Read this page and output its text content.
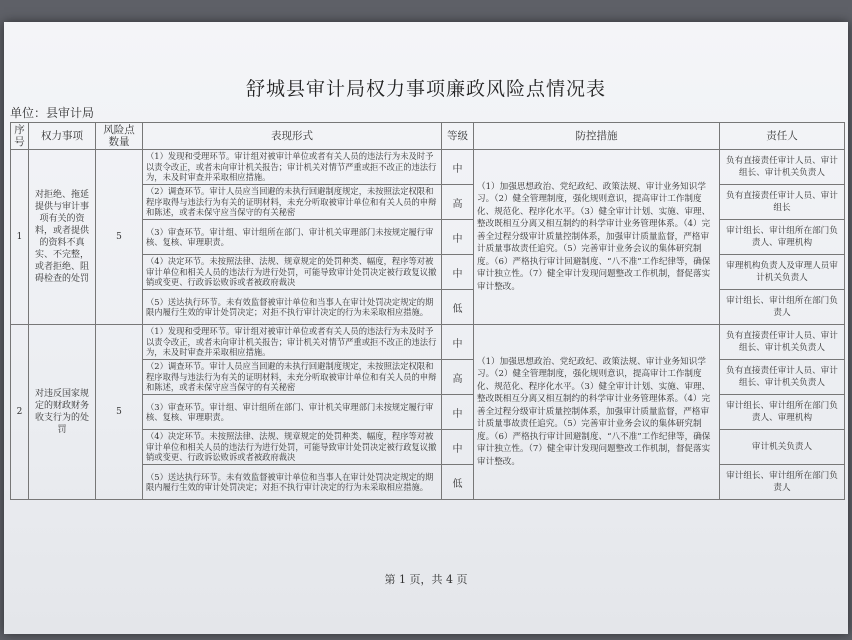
舒城县审计局权力事项廉政风险点情况表
单位：县审计局
序号	权力事项	风险点数量	表现形式	等级	防控措施	责任人
1	对拒绝、拖延提供与审计事项有关的资料，或者提供的资料不真实、不完整，或者拒绝、阻碍检查的处罚	5	（1）发现和受理环节。审计组对被审计单位或者有关人员的违法行为未及时予以责令改正，或者未向审计机关报告；审计机关对情节严重或拒不改正的违法行为，未及时审查并采取相应措施。	中	（1）加强思想政治、党纪政纪、政策法规、审计业务知识学习。（2）健全管理制度，强化规则意识，提高审计工作制度化、规范化、程序化水平。（3）健全审计计划、实施、审理、整改既相互分离又相互制约的科学审计业务管理体系。（4）完善全过程分级审计质量控制体系，加强审计质量监督，严格审计质量事故责任追究。（5）完善审计业务会议的集体研究制度。（6）严格执行审计回避制度、“八不准”工作纪律等，确保审计独立性。（7）健全审计发现问题整改工作机制，督促落实审计整改。	负有直接责任审计人员、审计组长、审计机关负责人
			（2）调查环节。审计人员应当回避的未执行回避制度规定，未按照法定权限和程序取得与违法行为有关的证明材料，未充分听取被审计单位和有关人员的申辩和陈述，或者未保守应当保守的有关秘密	高		负有直接责任审计人员、审计组长
			（3）审查环节。审计组、审计组所在部门、审计机关审理部门未按规定履行审核、复核、审理职责。	中		审计组长、审计组所在部门负责人、审理机构
			（4）决定环节。未按照法律、法规、规章规定的处罚种类、幅度，程序等对被审计单位和相关人员的违法行为进行处罚，可能导致审计处罚决定被行政复议撤销或变更、行政诉讼败诉或者被政府裁决	中		审理机构负责人及审理人员审计机关负责人
			（5）送达执行环节。未有效监督被审计单位和当事人在审计处罚决定规定的期限内履行生效的审计处罚决定；对拒不执行审计决定的行为未采取相应措施。	低		审计组长、审计组所在部门负责人
2	对违反国家规定的财政财务收支行为的处罚	5	（1）发现和受理环节。审计组对被审计单位或者有关人员的违法行为未及时予以责令改正，或者未向审计机关报告；审计机关对情节严重或拒不改正的违法行为，未及时审查并采取相应措施。	中	（1）加强思想政治、党纪政纪、政策法规、审计业务知识学习。（2）健全管理制度，强化规则意识，提高审计工作制度化、规范化、程序化水平。（3）健全审计计划、实施、审理、整改既相互分离又相互制约的科学审计业务管理体系。（4）完善全过程分级审计质量控制体系，加强审计质量监督，严格审计质量事故责任追究。（5）完善审计业务会议的集体研究制度。（6）严格执行审计回避制度、“八不准”工作纪律等，确保审计独立性。（7）健全审计发现问题整改工作机制，督促落实审计整改。	负有直接责任审计人员、审计组长、审计机关负责人
			（2）调查环节。审计人员应当回避的未执行回避制度规定，未按照法定权限和程序取得与违法行为有关的证明材料，未充分听取被审计单位和有关人员的申辩和陈述，或者未保守应当保守的有关秘密	高		负有直接责任审计人员、审计组长、审计机关负责人
			（3）审查环节。审计组、审计组所在部门、审计机关审理部门未按规定履行审核、复核、审理职责。	中		审计组长、审计组所在部门负责人、审理机构
			（4）决定环节。未按照法律、法规、规章规定的处罚种类、幅度，程序等对被审计单位和相关人员的违法行为进行处罚，可能导致审计处罚决定被行政复议撤销或变更、行政诉讼败诉或者被政府裁决	中		审计机关负责人
			（5）送达执行环节。未有效监督被审计单位和当事人在审计处罚决定规定的期限内履行生效的审计处罚决定；对拒不执行审计决定的行为未采取相应措施。	低		审计组长、审计组所在部门负责人
第 1 页，共 4 页
